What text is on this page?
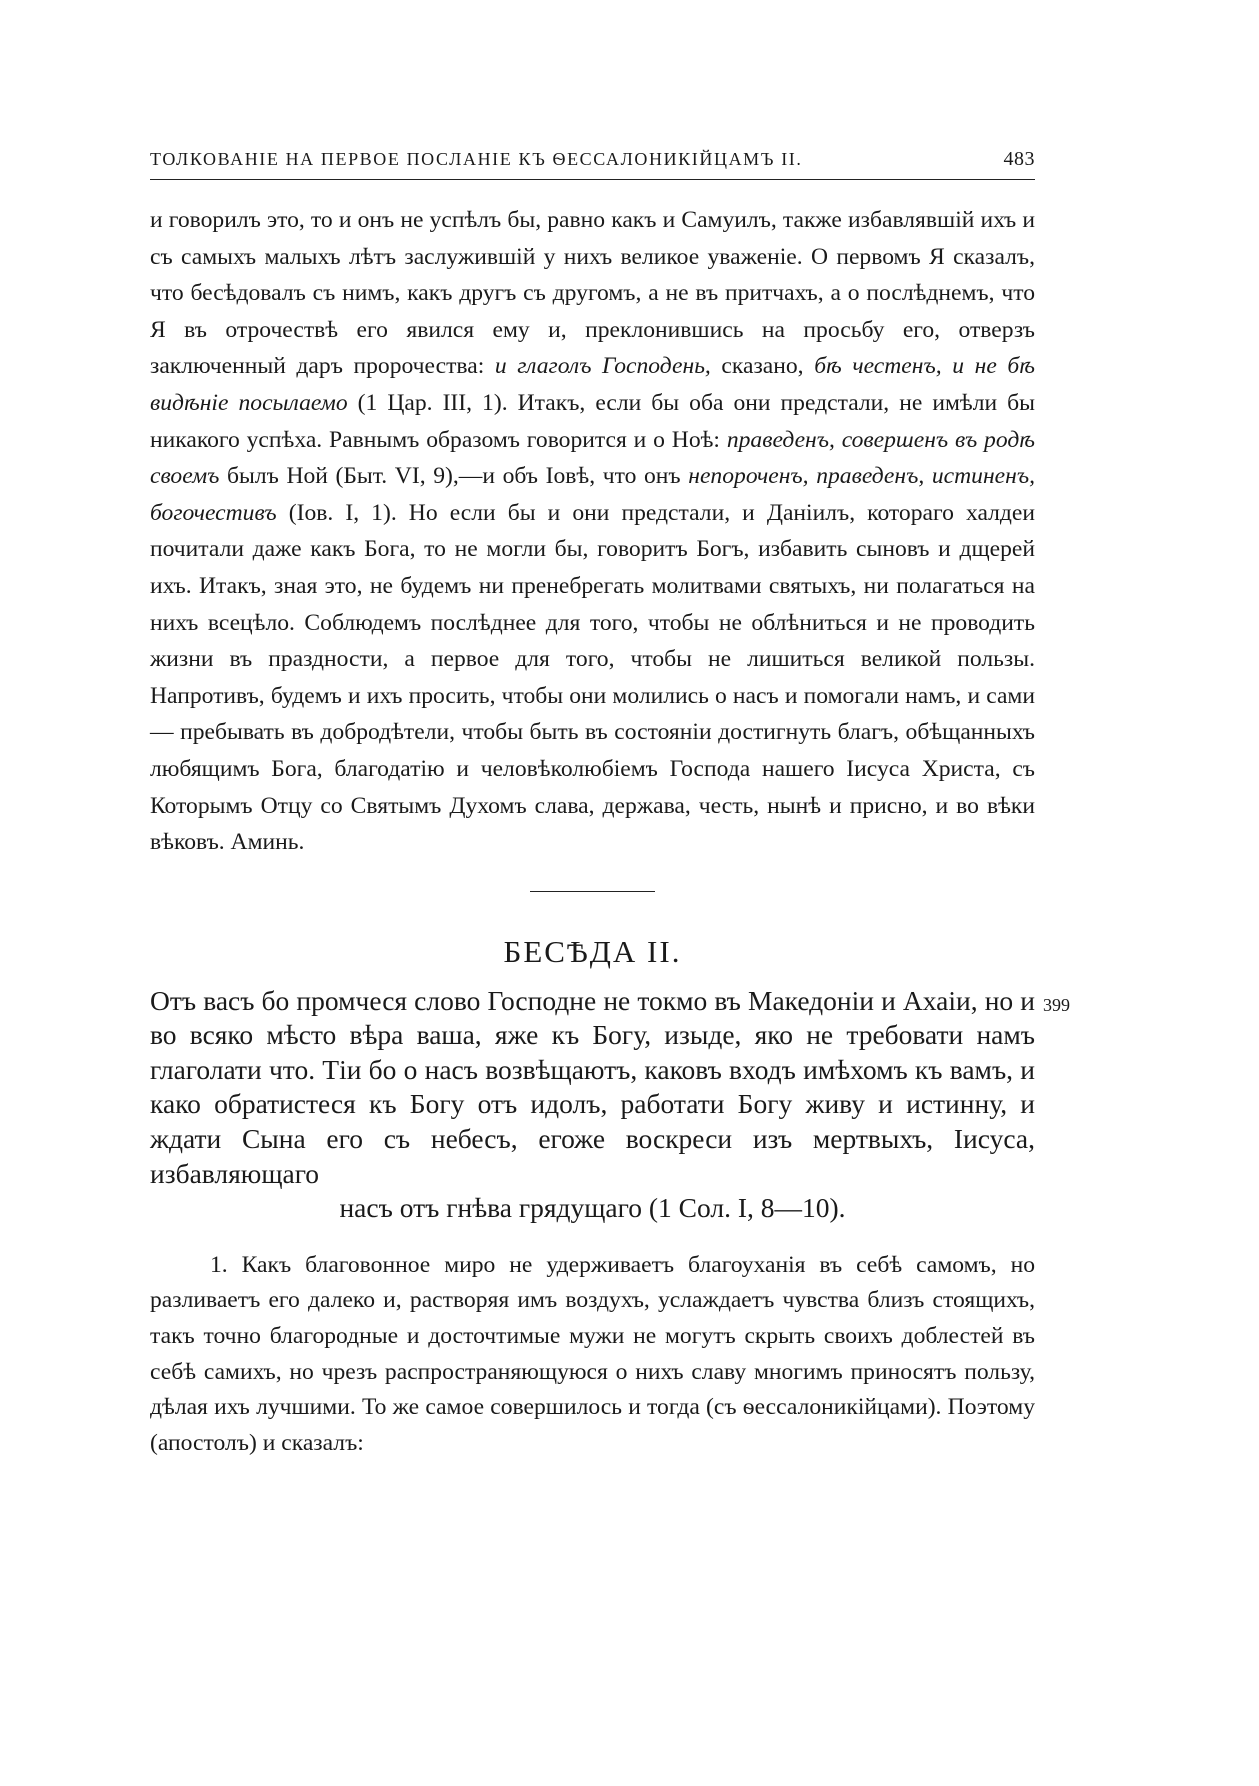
ТОЛКОВАНІЕ НА ПЕРВОЕ ПОСЛАНІЕ КЪ ѲЕССАЛОНИКІЙЦАМЪ II.	483

и говорилъ это, то и онъ не успѣлъ бы, равно какъ и Самуилъ, также избавлявшій ихъ и съ самыхъ малыхъ лѣтъ заслужившій у нихъ великое уваженіе. О первомъ Я сказалъ, что бесѣдовалъ съ нимъ, какъ другъ съ другомъ, а не въ притчахъ, а о послѣднемъ, что Я въ отрочествѣ его явился ему и, преклонившись на просьбу его, отверзъ заключенный даръ пророчества: и глаголъ Господень, сказано, бѣ честенъ, и не бѣ видѣніе посылаемо (1 Цар. III, 1). Итакъ, если бы оба они предстали, не имѣли бы никакого успѣха. Равнымъ образомъ говорится и о Ноѣ: праведенъ, совершенъ въ родѣ своемъ былъ Ной (Быт. VI, 9),—и объ Іовѣ, что онъ непороченъ, праведенъ, истиненъ, богочестивъ (Іов. I, 1). Но если бы и они предстали, и Даніилъ, котораго халдеи почитали даже какъ Бога, то не могли бы, говоритъ Богъ, избавить сыновъ и дщерей ихъ. Итакъ, зная это, не будемъ ни пренебрегать молитвами святыхъ, ни полагаться на нихъ всецѣло. Соблюдемъ послѣднее для того, чтобы не облѣниться и не проводить жизни въ праздности, а первое для того, чтобы не лишиться великой пользы. Напротивъ, будемъ и ихъ просить, чтобы они молились о насъ и помогали намъ, и сами — пребывать въ добродѣтели, чтобы быть въ состояніи достигнуть благъ, обѣщанныхъ любящимъ Бога, благодатію и человѣколюбіемъ Господа нашего Іисуса Христа, съ Которымъ Отцу со Святымъ Духомъ слава, держава, честь, нынѣ и присно, и во вѣки вѣковъ. Аминь.

БЕСѢДА II.
Отъ васъ бо промчеся слово Господне не токмо въ Македоніи и Ахаіи, но и во всяко мѣсто вѣра ваша, яже къ Богу, изыде, яко не требовати намъ глаголати что. Тіи бо о насъ возвѣщаютъ, каковъ входъ имѣхомъ къ вамъ, и како обратистеся къ Богу отъ идолъ, работати Богу живу и истинну, и ждати Сына его съ небесъ, егоже воскреси изъ мертвыхъ, Іисуса, избавляющаго
насъ отъ гнѣва грядущаго (1 Сол. I, 8—10).
399

1. Какъ благовонное миро не удерживаетъ благоуханія въ себѣ самомъ, но разливаетъ его далеко и, растворяя имъ воздухъ, услаждаетъ чувства близъ стоящихъ, такъ точно благородные и досточтимые мужи не могутъ скрыть своихъ доблестей въ себѣ самихъ, но чрезъ распространяющуюся о нихъ славу многимъ приносятъ пользу, дѣлая ихъ лучшими. То же самое совершилось и тогда (съ ѳессалоникійцами). Поэтому (апостолъ) и сказалъ:
